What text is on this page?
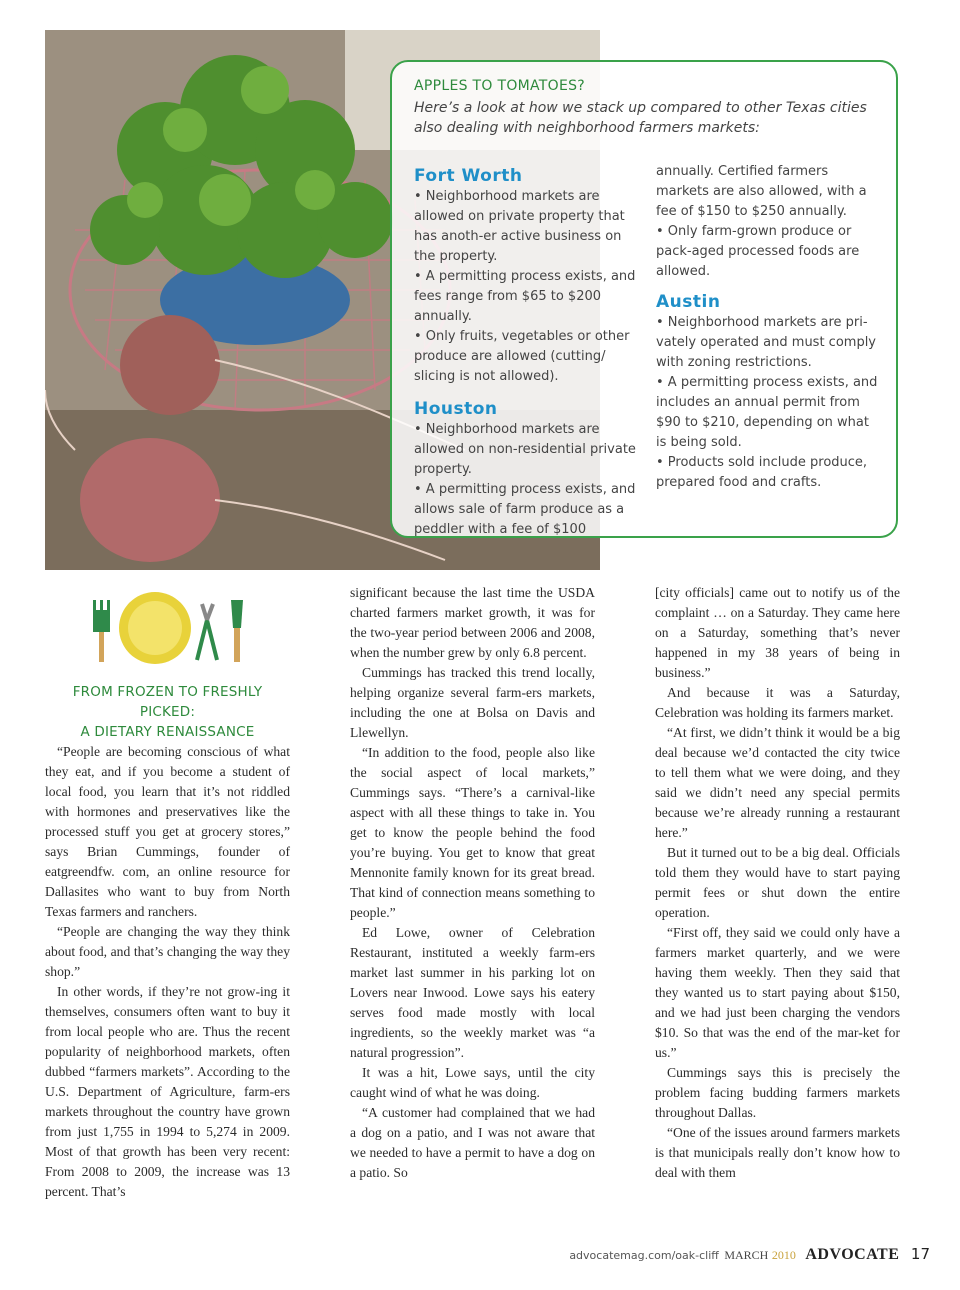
APPLES TO TOMATOES?
Here’s a look at how we stack up compared to other Texas cities also dealing with neighborhood farmers markets:
Fort Worth

• Neighborhood markets are allowed on private property that has anoth-er active business on the property.

• A permitting process exists, and fees range from $65 to $200 annually.

• Only fruits, vegetables or other produce are allowed (cutting/ slicing is not allowed).

Houston

• Neighborhood markets are allowed on non-residential private property.

• A permitting process exists, and allows sale of farm produce as a peddler with a fee of $100

annually. Certified farmers markets are also allowed, with a fee of $150 to $250 annually.

• Only farm-grown produce or pack-aged processed foods are allowed.

Austin

• Neighborhood markets are pri-vately operated and must comply with zoning restrictions.

• A permitting process exists, and includes an annual permit from $90 to $210, depending on what is being sold.

• Products sold include produce, prepared food and crafts.

FROM FROZEN TO FRESHLY PICKED:
A DIETARY RENAISSANCE

“People are becoming conscious of what they eat, and if you become a student of local food, you learn that it’s not riddled with hormones and preservatives like the processed stuff you get at grocery stores,” says Brian Cummings, founder of eatgreendfw. com, an online resource for Dallasites who want to buy from North Texas farmers and ranchers.

“People are changing the way they think about food, and that’s changing the way they shop.”

In other words, if they’re not grow-ing it themselves, consumers often want to buy it from local people who are. Thus the recent popularity of neighborhood markets, often dubbed “farmers markets”. According to the U.S. Department of Agriculture, farm-ers markets throughout the country have grown from just 1,755 in 1994 to 5,274 in 2009. Most of that growth has been very recent: From 2008 to 2009, the increase was 13 percent. That’s

significant because the last time the USDA charted farmers market growth, it was for the two-year period between 2006 and 2008, when the number grew by only 6.8 percent.

Cummings has tracked this trend locally, helping organize several farm-ers markets, including the one at Bolsa on Davis and Llewellyn.

“In addition to the food, people also like the social aspect of local markets,” Cummings says. “There’s a carnival-like aspect with all these things to take in. You get to know the people behind the food you’re buying. You get to know that great Mennonite family known for its great bread. That kind of connection means something to people.”

Ed Lowe, owner of Celebration Restaurant, instituted a weekly farm-ers market last summer in his parking lot on Lovers near Inwood. Lowe says his eatery serves food made mostly with local ingredients, so the weekly market was “a natural progression”.

It was a hit, Lowe says, until the city caught wind of what he was doing.

“A customer had complained that we had a dog on a patio, and I was not aware that we needed to have a permit to have a dog on a patio. So

[city officials] came out to notify us of the complaint … on a Saturday. They came here on a Saturday, something that’s never happened in my 38 years of being in business.”

And because it was a Saturday, Celebration was holding its farmers market.

“At first, we didn’t think it would be a big deal because we’d contacted the city twice to tell them what we were doing, and they said we didn’t need any special permits because we’re already running a restaurant here.”

But it turned out to be a big deal. Officials told them they would have to start paying permit fees or shut down the entire operation.

“First off, they said we could only have a farmers market quarterly, and we were having them weekly. Then they said that they wanted us to start paying about $150, and we had just been charging the vendors $10. So that was the end of the mar-ket for us.”

Cummings says this is precisely the problem facing budding farmers markets throughout Dallas.

“One of the issues around farmers markets is that municipals really don’t know how to deal with them

advocatemag.com/oak-cliff MARCH 2010 ADVOCATE 17
